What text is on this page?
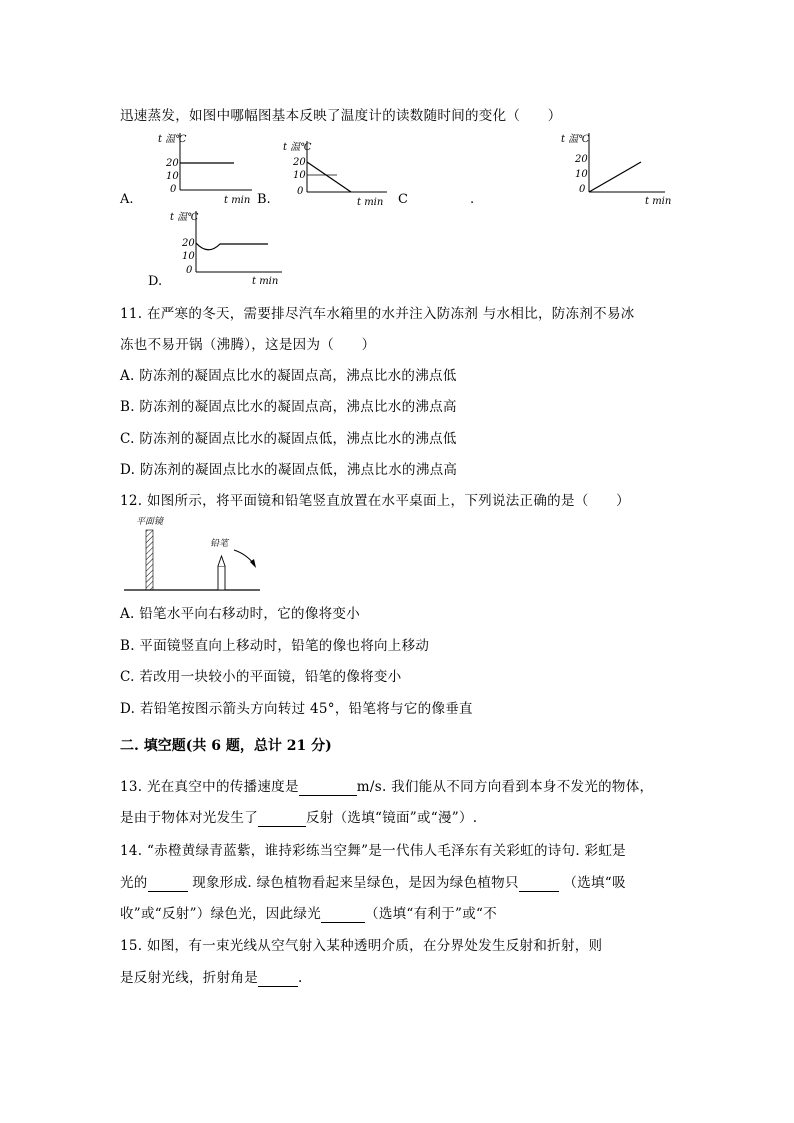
迅速蒸发，如图中哪幅图基本反映了温度计的读数随时间的变化（　　）
t 温℃
20
10
0
t min
A.
t 温℃
20
10
0
t min
B.	C	.
t 温℃
20
10
0
t min
t 温℃
20
10
0
t min
D.
11. 在严寒的冬天，需要排尽汽车水箱里的水并注入防冻剂 与水相比，防冻剂不易冰
冻也不易开锅（沸腾），这是因为（　　）
A. 防冻剂的凝固点比水的凝固点高，沸点比水的沸点低
B. 防冻剂的凝固点比水的凝固点高，沸点比水的沸点高
C. 防冻剂的凝固点比水的凝固点低，沸点比水的沸点低
D. 防冻剂的凝固点比水的凝固点低，沸点比水的沸点高
12. 如图所示，将平面镜和铅笔竖直放置在水平桌面上，下列说法正确的是（　　）
平面镜
铅笔
A. 铅笔水平向右移动时，它的像将变小
B. 平面镜竖直向上移动时，铅笔的像也将向上移动
C. 若改用一块较小的平面镜，铅笔的像将变小
D. 若铅笔按图示箭头方向转过 45°，铅笔将与它的像垂直
二. 填空题(共 6 题，总计 21 分)
13. 光在真空中的传播速度是	m/s. 我们能从不同方向看到本身不发光的物体，
是由于物体对光发生了	反射（选填“镜面”或“漫”）.
14. “赤橙黄绿青蓝紫，谁持彩练当空舞”是一代伟人毛泽东有关彩虹的诗句. 彩虹是
光的	现象形成. 绿色植物看起来呈绿色，是因为绿色植物只	（选填“吸
收”或“反射”）绿色光，因此绿光	（选填“有利于”或“不
15. 如图，有一束光线从空气射入某种透明介质，在分界处发生反射和折射，则
是反射光线，折射角是	.
